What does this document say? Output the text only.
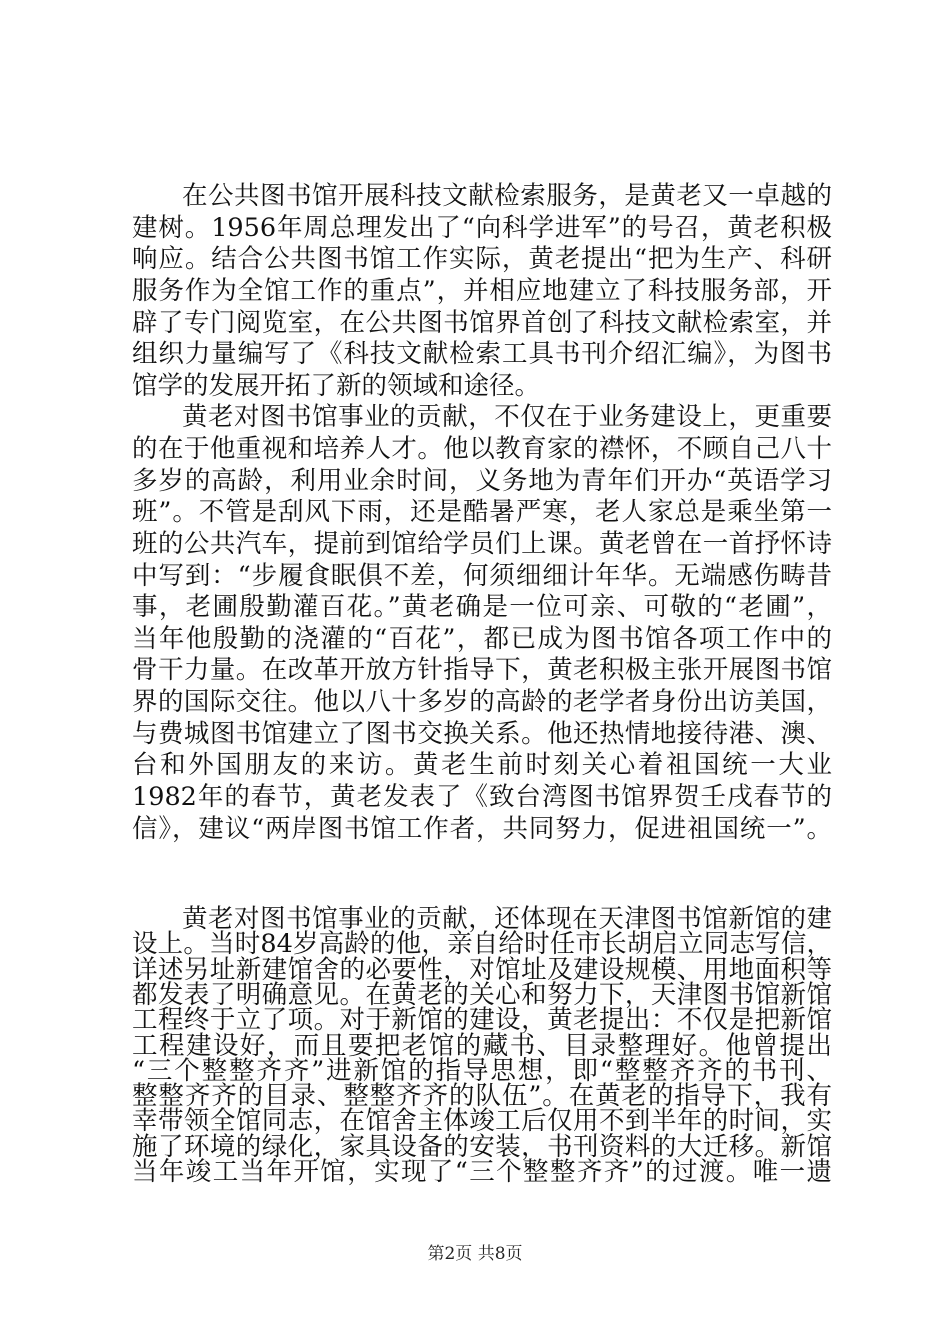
在公共图书馆开展科技文献检索服务，是黄老又一卓越的
建树。1956年周总理发出了“向科学进军”的号召，黄老积极
响应。结合公共图书馆工作实际，黄老提出“把为生产、科研
服务作为全馆工作的重点”，并相应地建立了科技服务部，开
辟了专门阅览室，在公共图书馆界首创了科技文献检索室，并
组织力量编写了《科技文献检索工具书刊介绍汇编》，为图书
馆学的发展开拓了新的领域和途径。
黄老对图书馆事业的贡献，不仅在于业务建设上，更重要
的在于他重视和培养人才。他以教育家的襟怀，不顾自己八十
多岁的高龄，利用业余时间，义务地为青年们开办“英语学习
班”。不管是刮风下雨，还是酷暑严寒，老人家总是乘坐第一
班的公共汽车，提前到馆给学员们上课。黄老曾在一首抒怀诗
中写到：“步履食眠俱不差，何须细细计年华。无端感伤畴昔
事，老圃殷勤灌百花。”黄老确是一位可亲、可敬的“老圃”，
当年他殷勤的浇灌的“百花”，都已成为图书馆各项工作中的
骨干力量。在改革开放方针指导下，黄老积极主张开展图书馆
界的国际交往。他以八十多岁的高龄的老学者身份出访美国，
与费城图书馆建立了图书交换关系。他还热情地接待港、澳、
台和外国朋友的来访。黄老生前时刻关心着祖国统一大业
1982年的春节，黄老发表了《致台湾图书馆界贺壬戌春节的
信》，建议“两岸图书馆工作者，共同努力，促进祖国统一”。
黄老对图书馆事业的贡献，还体现在天津图书馆新馆的建
设上。当时84岁高龄的他，亲自给时任市长胡启立同志写信，
详述另址新建馆舍的必要性，对馆址及建设规模、用地面积等
都发表了明确意见。在黄老的关心和努力下，天津图书馆新馆
工程终于立了项。对于新馆的建设，黄老提出：不仅是把新馆
工程建设好，而且要把老馆的藏书、目录整理好。他曾提出
“三个整整齐齐”进新馆的指导思想，即“整整齐齐的书刊、
整整齐齐的目录、整整齐齐的队伍”。在黄老的指导下，我有
幸带领全馆同志，在馆舍主体竣工后仅用不到半年的时间，实
施了环境的绿化，家具设备的安装，书刊资料的大迁移。新馆
当年竣工当年开馆，实现了“三个整整齐齐”的过渡。唯一遗
第2页 共8页
